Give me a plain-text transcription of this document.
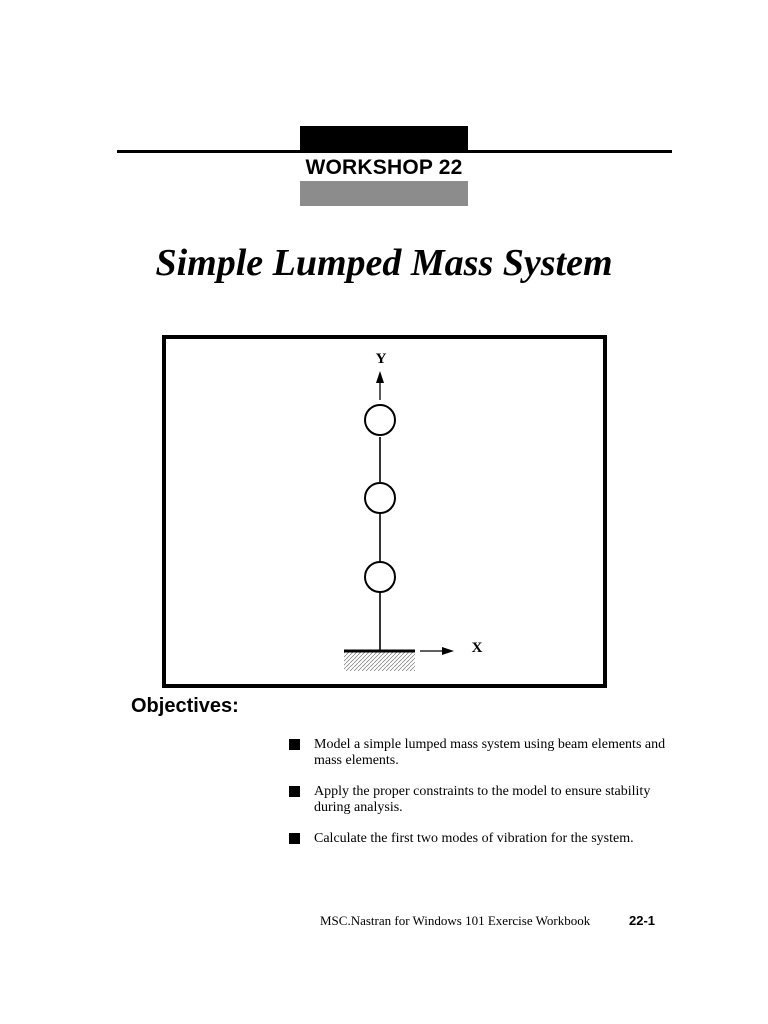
WORKSHOP 22
Simple Lumped Mass System
Y
X
Objectives:
Model a simple lumped mass system using beam elements and mass elements.
Apply the proper constraints to the model to ensure stability during analysis.
Calculate the first two modes of vibration for the system.
MSC.Nastran for Windows 101 Exercise Workbook	22-1
